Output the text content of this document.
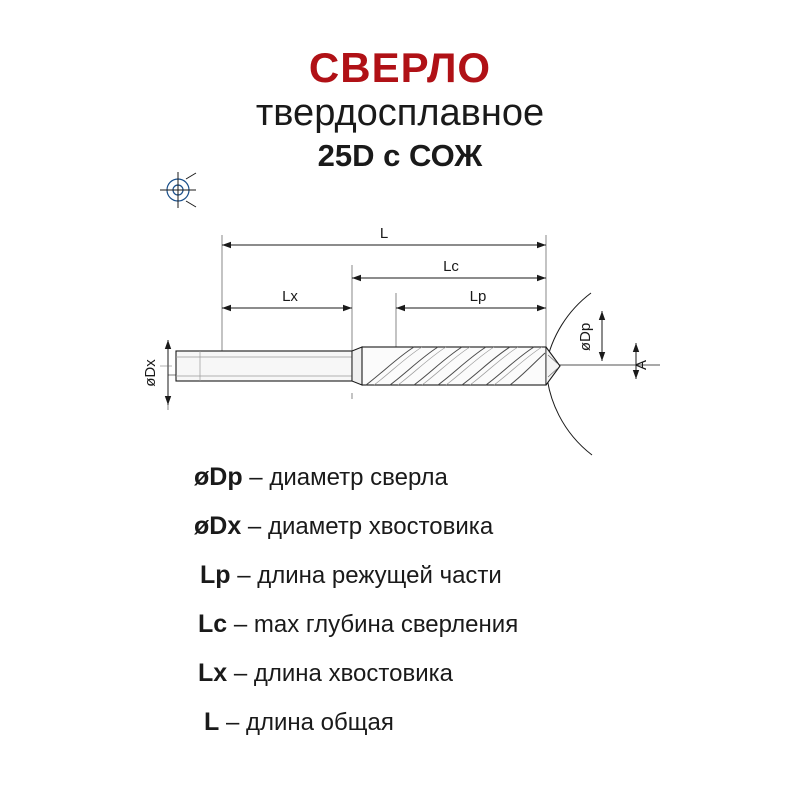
СВЕРЛО
твердосплавное
25D с СОЖ
L
Lc
Lp
Lx
øDx
øDp
A
øDp – диаметр сверла
øDx – диаметр хвостовика
Lp – длина режущей части
Lc – max глубина сверления
Lx – длина хвостовика
L – длина общая
